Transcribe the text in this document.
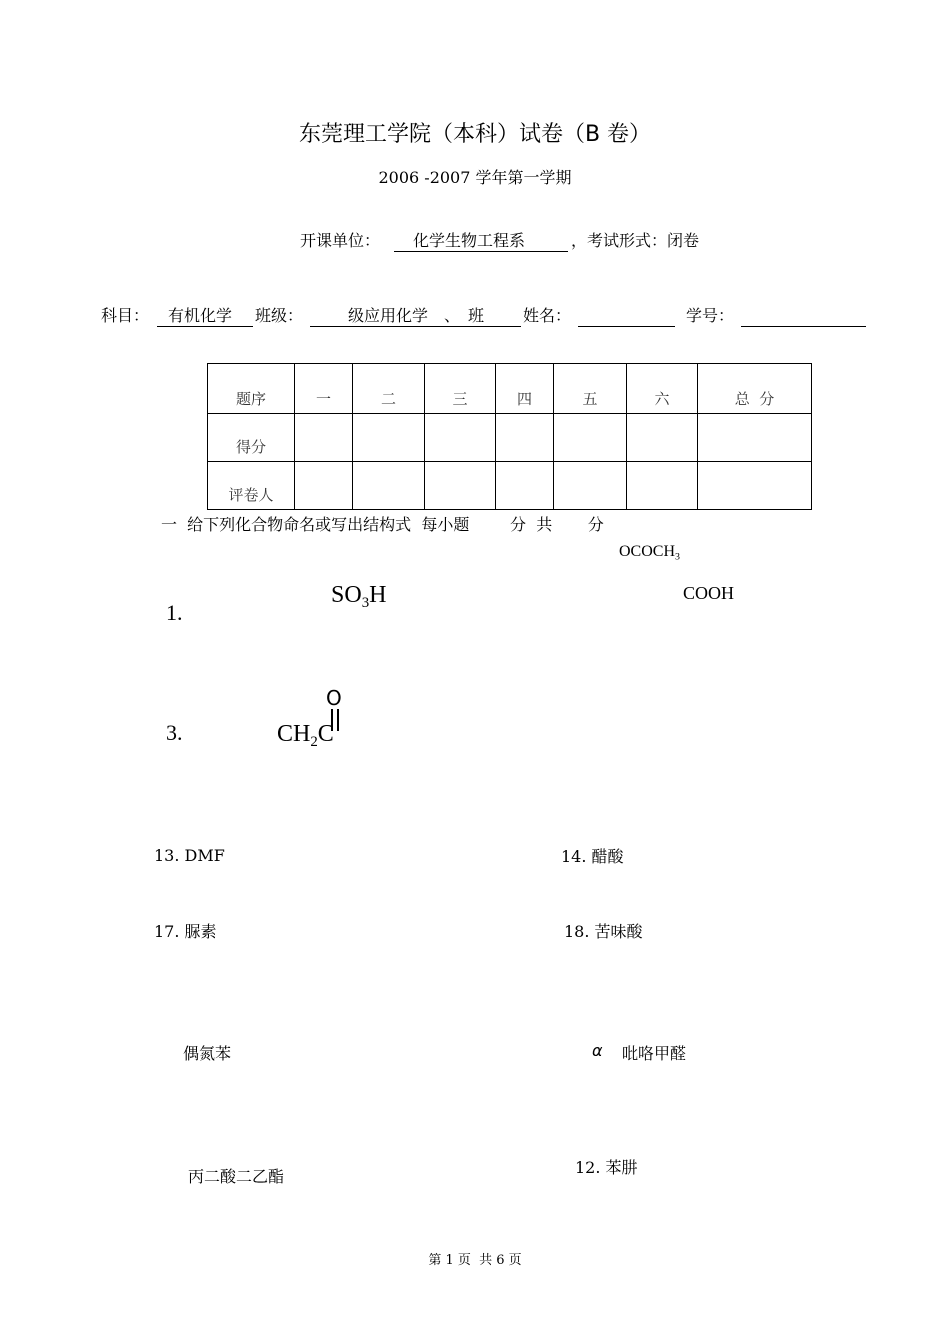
东莞理工学院（本科）试卷（B 卷）
2006 -2007 学年第一学期
开课单位： 化学生物工程系	，考试形式：闭卷
科目： 有机化学 班级：	级应用化学　、　班 姓名：	学号：
题序	一	二	三	四	五	六	总  分
得分							
评卷人							
一  给下列化合物命名或写出结构式  每小题        分  共       分
1.
$SO_3H$
$OCOCH_3$
COOH
3.
O
$CH_2C$
13. DMF	14. 醋酸
17. 脲素	18. 苦味酸
偶氮苯	α 吡咯甲醛
丙二酸二乙酯	12. 苯肼
第 1 页  共 6 页
